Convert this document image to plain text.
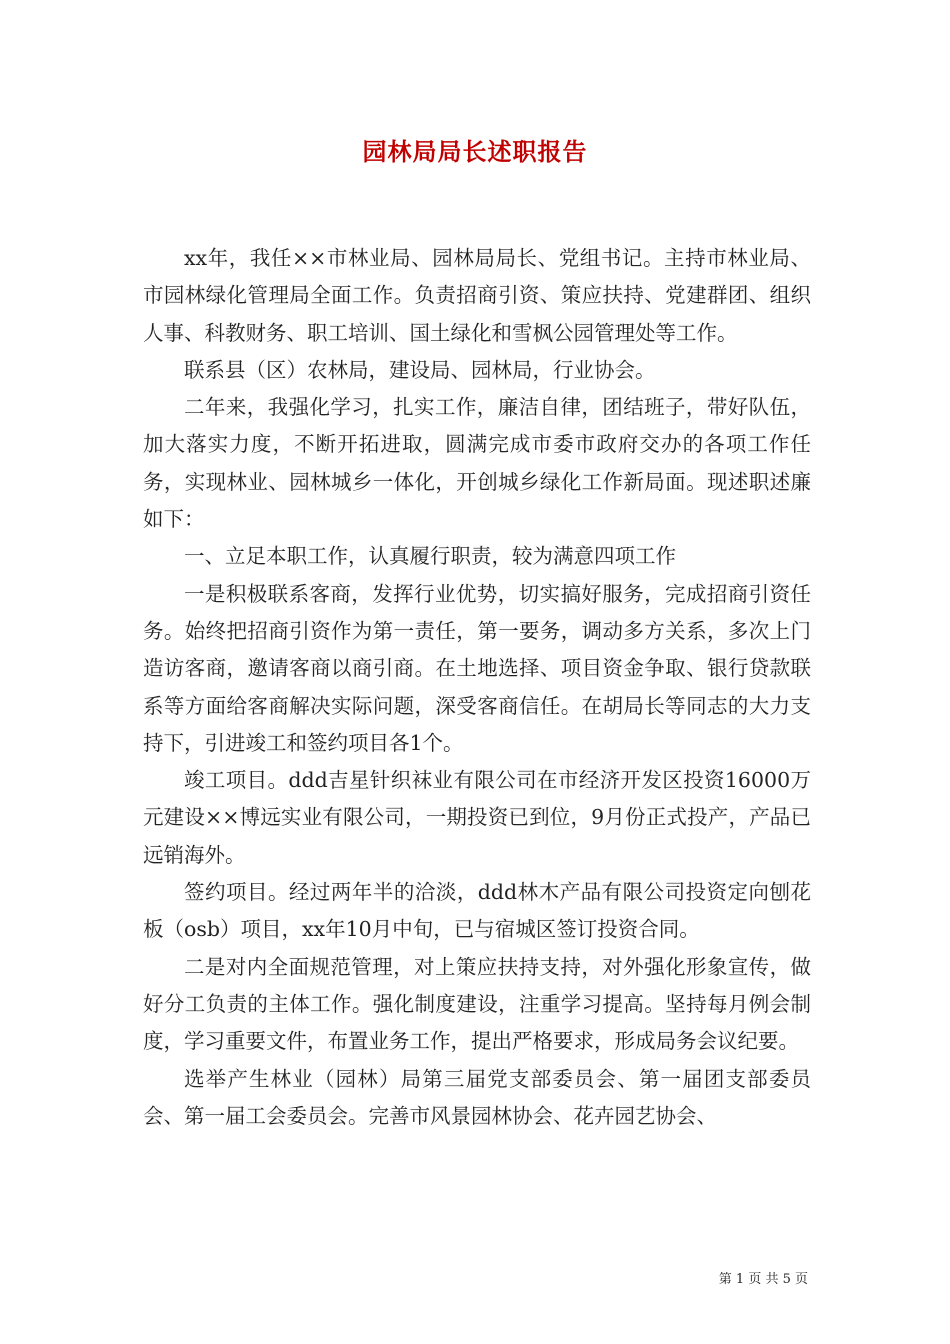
园林局局长述职报告

xx年，我任××市林业局、园林局局长、党组书记。主持市林业局、市园林绿化管理局全面工作。负责招商引资、策应扶持、党建群团、组织人事、科教财务、职工培训、国土绿化和雪枫公园管理处等工作。

联系县（区）农林局，建设局、园林局，行业协会。

二年来，我强化学习，扎实工作，廉洁自律，团结班子，带好队伍，加大落实力度，不断开拓进取，圆满完成市委市政府交办的各项工作任务，实现林业、园林城乡一体化，开创城乡绿化工作新局面。现述职述廉如下：

一、立足本职工作，认真履行职责，较为满意四项工作

一是积极联系客商，发挥行业优势，切实搞好服务，完成招商引资任务。始终把招商引资作为第一责任，第一要务，调动多方关系，多次上门造访客商，邀请客商以商引商。在土地选择、项目资金争取、银行贷款联系等方面给客商解决实际问题，深受客商信任。在胡局长等同志的大力支持下，引进竣工和签约项目各1个。

竣工项目。ddd吉星针织袜业有限公司在市经济开发区投资16000万元建设××博远实业有限公司，一期投资已到位，9月份正式投产，产品已远销海外。

签约项目。经过两年半的洽淡，ddd林木产品有限公司投资定向刨花板（osb）项目，xx年10月中旬，已与宿城区签订投资合同。

二是对内全面规范管理，对上策应扶持支持，对外强化形象宣传，做好分工负责的主体工作。强化制度建设，注重学习提高。坚持每月例会制度，学习重要文件，布置业务工作，提出严格要求，形成局务会议纪要。

选举产生林业（园林）局第三届党支部委员会、第一届团支部委员会、第一届工会委员会。完善市风景园林协会、花卉园艺协会、

第 1 页 共 5 页
